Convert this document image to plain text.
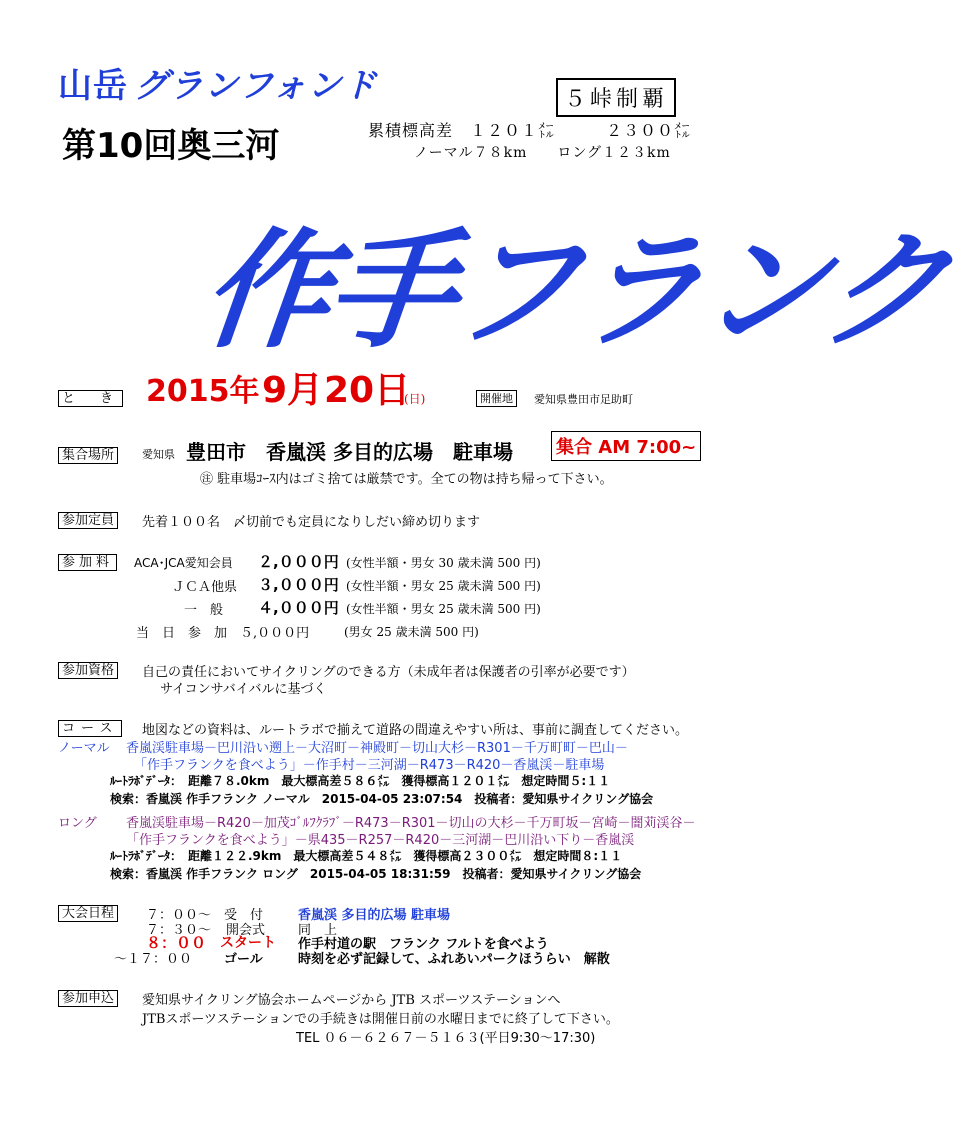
山岳 グランフォンド	５峠制覇
第10回奥三河	累積標高差　１２０１㍍　　　２３００㍍
ノーマル７８km　　ロング１２３km
作手フランク
と　き 2015年 9月 20日
(日)	開催地	愛知県豊田市足助町
集合場所	愛知県 豊田市　香嵐渓 多目的広場　駐車場 集合 AM 7:00~
㊟ 駐車場ｺｰｽ内はゴミ捨ては厳禁です。全ての物は持ち帰って下さい。
参加定員	先着１００名　〆切前でも定員になりしだい締め切ります
参加料	ACA･JCA愛知会員 ２,０００円 (女性半額・男女 30 歳未満 500 円)
ＪＣＡ他県 ３,０００円 (女性半額・男女 25 歳未満 500 円)
一　般 ４,０００円 (女性半額・男女 25 歳未満 500 円)
当　日　参　加　５,０００円	(男女 25 歳未満 500 円)
参加資格	自己の責任においてサイクリングのできる方（未成年者は保護者の引率が必要です）
サイコンサバイバルに基づく
コース	地図などの資料は、ルートラボで揃えて道路の間違えやすい所は、事前に調査してください。
ノーマル 香嵐渓駐車場－巴川沿い遡上－大沼町－神殿町－切山大杉－R301－千万町町－巴山－
「作手フランクを食べよう」－作手村－三河湖－R473－R420－香嵐渓－駐車場
ﾙｰﾄﾗﾎﾞﾃﾞｰﾀ：　距離７８.0km　最大標高差５８６㍍　獲得標高１２０１㍍　想定時間５:１１
検索：香嵐渓 作手フランク ノーマル　2015-04-05 23:07:54　投稿者：愛知県サイクリング協会
ロング 香嵐渓駐車場－R420－加茂ｺﾞﾙﾌｸﾗﾌﾞ－R473－R301－切山の大杉－千万町坂－宮崎－闇苅渓谷－
「作手フランクを食べよう」－県435－R257－R420－三河湖－巴川沿い下り－香嵐渓
ﾙｰﾄﾗﾎﾞﾃﾞｰﾀ：　距離１２２.9km　最大標高差５４８㍍　獲得標高２３００㍍　想定時間８:１１
検索：香嵐渓 作手フランク ロング　2015-04-05 18:31:59　投稿者：愛知県サイクリング協会
大会日程	７：００～ 受　付	香嵐渓 多目的広場 駐車場
７：３０～ 開会式	同　上
８：００ スタート 作手村道の駅　フランク フルトを食べよう
～１７：００ ゴール	時刻を必ず記録して、ふれあいパークほうらい　解散
参加申込	愛知県サイクリング協会ホームページから JTB スポーツステーションへ
JTBスポーツステーションでの手続きは開催日前の水曜日までに終了して下さい。
TEL ０６－６２６７－５１６３(平日9:30～17:30)
